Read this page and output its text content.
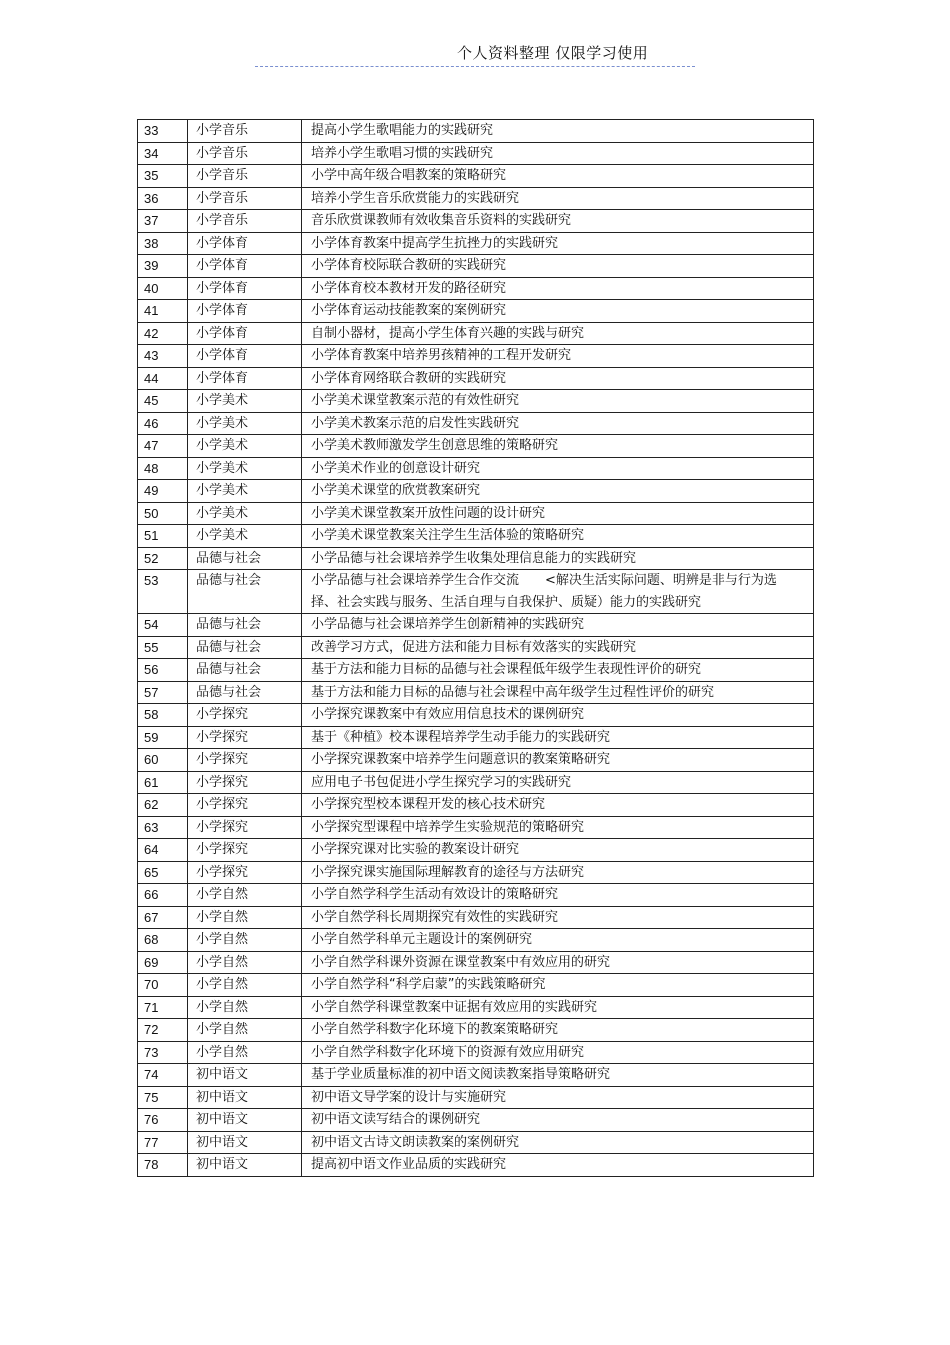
个人资料整理 仅限学习使用
33	小学音乐	提高小学生歌唱能力的实践研究
34	小学音乐	培养小学生歌唱习惯的实践研究
35	小学音乐	小学中高年级合唱教案的策略研究
36	小学音乐	培养小学生音乐欣赏能力的实践研究
37	小学音乐	音乐欣赏课教师有效收集音乐资料的实践研究
38	小学体育	小学体育教案中提高学生抗挫力的实践研究
39	小学体育	小学体育校际联合教研的实践研究
40	小学体育	小学体育校本教材开发的路径研究
41	小学体育	小学体育运动技能教案的案例研究
42	小学体育	自制小器材，提高小学生体育兴趣的实践与研究
43	小学体育	小学体育教案中培养男孩精神的工程开发研究
44	小学体育	小学体育网络联合教研的实践研究
45	小学美术	小学美术课堂教案示范的有效性研究
46	小学美术	小学美术教案示范的启发性实践研究
47	小学美术	小学美术教师激发学生创意思维的策略研究
48	小学美术	小学美术作业的创意设计研究
49	小学美术	小学美术课堂的欣赏教案研究
50	小学美术	小学美术课堂教案开放性问题的设计研究
51	小学美术	小学美术课堂教案关注学生生活体验的策略研究
52	品德与社会	小学品德与社会课培养学生收集处理信息能力的实践研究
53	品德与社会	小学品德与社会课培养学生合作交流　　<解决生活实际问题、明辨是非与行为选择、社会实践与服务、生活自理与自我保护、质疑）能力的实践研究
54	品德与社会	小学品德与社会课培养学生创新精神的实践研究
55	品德与社会	改善学习方式，促进方法和能力目标有效落实的实践研究
56	品德与社会	基于方法和能力目标的品德与社会课程低年级学生表现性评价的研究
57	品德与社会	基于方法和能力目标的品德与社会课程中高年级学生过程性评价的研究
58	小学探究	小学探究课教案中有效应用信息技术的课例研究
59	小学探究	基于《种植》校本课程培养学生动手能力的实践研究
60	小学探究	小学探究课教案中培养学生问题意识的教案策略研究
61	小学探究	应用电子书包促进小学生探究学习的实践研究
62	小学探究	小学探究型校本课程开发的核心技术研究
63	小学探究	小学探究型课程中培养学生实验规范的策略研究
64	小学探究	小学探究课对比实验的教案设计研究
65	小学探究	小学探究课实施国际理解教育的途径与方法研究
66	小学自然	小学自然学科学生活动有效设计的策略研究
67	小学自然	小学自然学科长周期探究有效性的实践研究
68	小学自然	小学自然学科单元主题设计的案例研究
69	小学自然	小学自然学科课外资源在课堂教案中有效应用的研究
70	小学自然	小学自然学科“科学启蒙”的实践策略研究
71	小学自然	小学自然学科课堂教案中证据有效应用的实践研究
72	小学自然	小学自然学科数字化环境下的教案策略研究
73	小学自然	小学自然学科数字化环境下的资源有效应用研究
74	初中语文	基于学业质量标准的初中语文阅读教案指导策略研究
75	初中语文	初中语文导学案的设计与实施研究
76	初中语文	初中语文读写结合的课例研究
77	初中语文	初中语文古诗文朗读教案的案例研究
78	初中语文	提高初中语文作业品质的实践研究
